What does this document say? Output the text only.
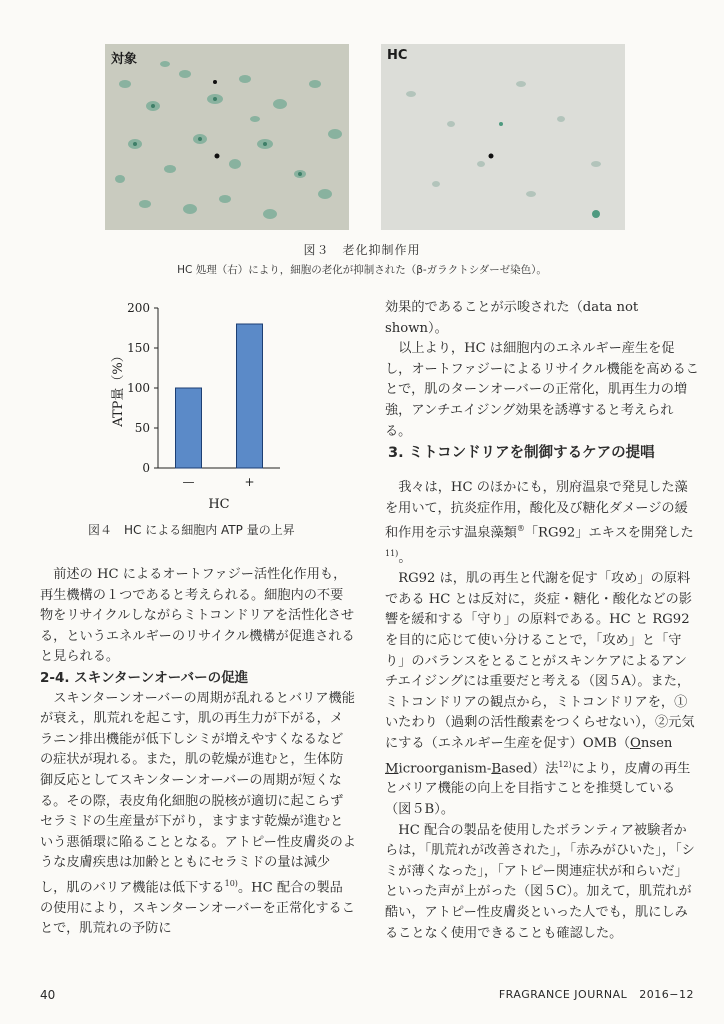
対象	HC
図３　老化抑制作用
HC 処理（右）により，細胞の老化が抑制された（β-ガラクトシダーゼ染色）。
0
50
100
150
200
—	+
HC
ATP量（%）
図４　HC による細胞内 ATP 量の上昇

前述の HC によるオートファジー活性化作用も，再生機構の１つであると考えられる。細胞内の不要物をリサイクルしながらミトコンドリアを活性化させる，というエネルギーのリサイクル機構が促進されると見られる。

2-4. スキンターンオーバーの促進

スキンターンオーバーの周期が乱れるとバリア機能が衰え，肌荒れを起こす，肌の再生力が下がる，メラニン排出機能が低下しシミが増えやすくなるなどの症状が現れる。また，肌の乾燥が進むと，生体防御反応としてスキンターンオーバーの周期が短くなる。その際，表皮角化細胞の脱核が適切に起こらずセラミドの生産量が下がり，ますます乾燥が進むという悪循環に陥ることとなる。アトピー性皮膚炎のような皮膚疾患は加齢とともにセラミドの量は減少し，肌のバリア機能は低下する$^{10)}$。HC 配合の製品の使用により，スキンターンオーバーを正常化することで，肌荒れの予防に

効果的であることが示唆された（data not shown）。

以上より，HC は細胞内のエネルギー産生を促し，オートファジーによるリサイクル機能を高めることで，肌のターンオーバーの正常化，肌再生力の増強，アンチエイジング効果を誘導すると考えられる。

3. ミトコンドリアを制御するケアの提唱

我々は，HC のほかにも，別府温泉で発見した藻を用いて，抗炎症作用，酸化及び糖化ダメージの緩和作用を示す温泉藻類®「RG92」エキスを開発した$^{11)}$。

RG92 は，肌の再生と代謝を促す「攻め」の原料である HC とは反対に，炎症・糖化・酸化などの影響を緩和する「守り」の原料である。HC と RG92 を目的に応じて使い分けることで，「攻め」と「守り」のバランスをとることがスキンケアによるアンチエイジングには重要だと考える（図５A）。また，ミトコンドリアの観点から，ミトコンドリアを，①いたわり（過剰の活性酸素をつくらせない），②元気にする（エネルギー生産を促す）OMB（Onsen Microorganism-Based）法$^{12)}$により，皮膚の再生とバリア機能の向上を目指すことを推奨している（図５B）。

HC 配合の製品を使用したボランティア被験者からは，「肌荒れが改善された」，「赤みがひいた」，「シミが薄くなった」，「アトピー関連症状が和らいだ」といった声が上がった（図５C）。加えて，肌荒れが酷い，アトピー性皮膚炎といった人でも，肌にしみることなく使用できることも確認した。

40	FRAGRANCE JOURNAL 2016−12
